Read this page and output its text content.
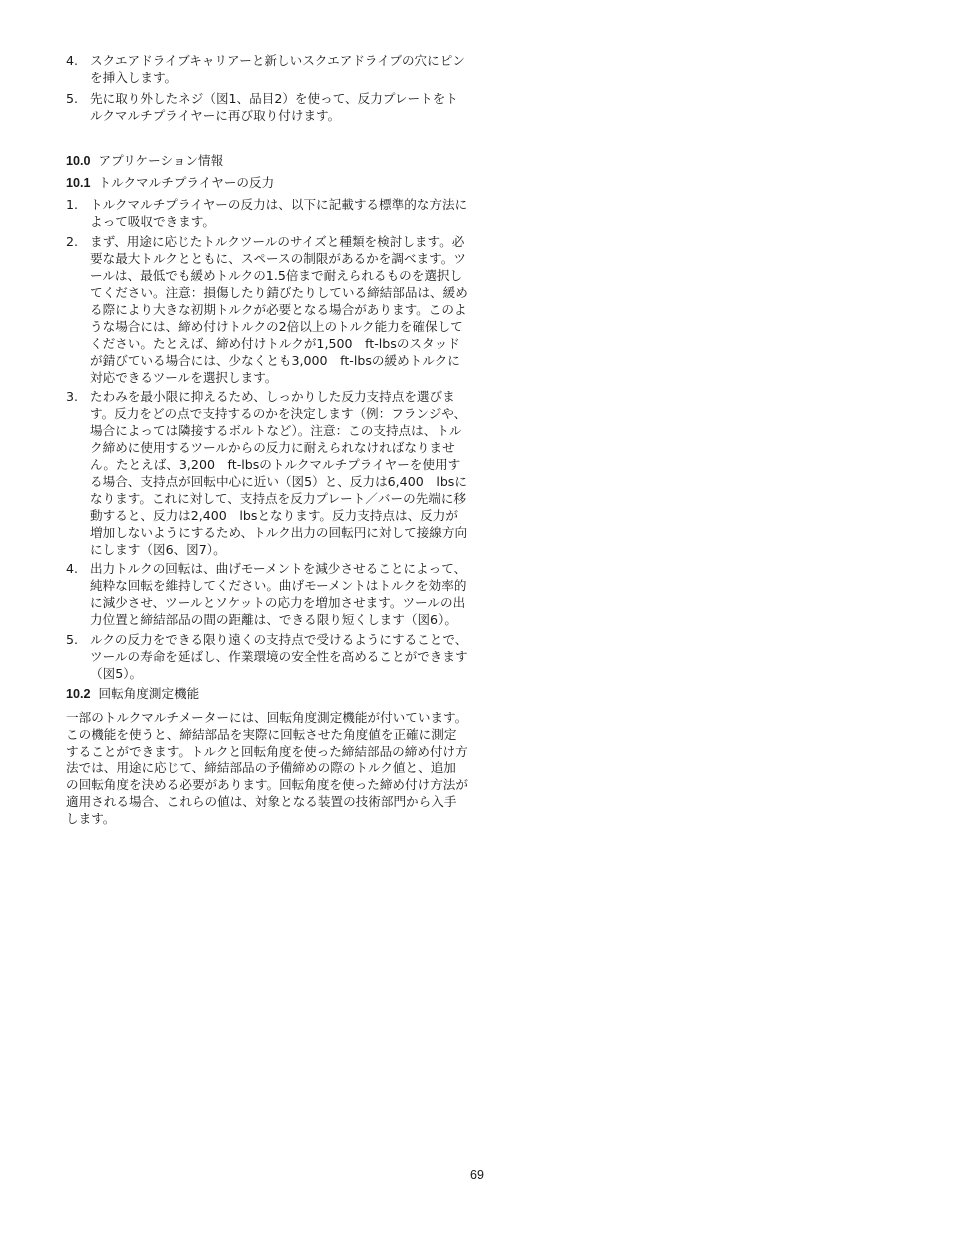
4. スクエアドライブキャリアーと新しいスクエアドライブの穴にピンを挿入します。
5. 先に取り外したネジ（図1、品目2）を使って、反力プレートをトルクマルチプライヤーに再び取り付けます。
10.0 アプリケーション情報
10.1 トルクマルチプライヤーの反力
1. トルクマルチプライヤーの反力は、以下に記載する標準的な方法によって吸収できます。
2. まず、用途に応じたトルクツールのサイズと種類を検討します。必要な最大トルクとともに、スペースの制限があるかを調べます。ツールは、最低でも緩めトルクの1.5倍まで耐えられるものを選択してください。注意：損傷したり錆びたりしている締結部品は、緩める際により大きな初期トルクが必要となる場合があります。このような場合には、締め付けトルクの2倍以上のトルク能力を確保してください。たとえば、締め付けトルクが1,500　ft-lbsのスタッドが錆びている場合には、少なくとも3,000　ft-lbsの緩めトルクに対応できるツールを選択します。
3. たわみを最小限に抑えるため、しっかりした反力支持点を選びます。反力をどの点で支持するのかを決定します（例：フランジや、場合によっては隣接するボルトなど）。注意：この支持点は、トルク締めに使用するツールからの反力に耐えられなければなりません。たとえば、3,200　ft-lbsのトルクマルチプライヤーを使用する場合、支持点が回転中心に近い（図5）と、反力は6,400　lbsになります。これに対して、支持点を反力プレート／バーの先端に移動すると、反力は2,400　lbsとなります。反力支持点は、反力が増加しないようにするため、トルク出力の回転円に対して接線方向にします（図6、図7）。
4. 出力トルクの回転は、曲げモーメントを減少させることによって、純粋な回転を維持してください。曲げモーメントはトルクを効率的に減少させ、ツールとソケットの応力を増加させます。ツールの出力位置と締結部品の間の距離は、できる限り短くします（図6）。
5. ルクの反力をできる限り遠くの支持点で受けるようにすることで、ツールの寿命を延ばし、作業環境の安全性を高めることができます（図5）。
10.2 回転角度測定機能

一部のトルクマルチメーターには、回転角度測定機能が付いています。この機能を使うと、締結部品を実際に回転させた角度値を正確に測定することができます。トルクと回転角度を使った締結部品の締め付け方法では、用途に応じて、締結部品の予備締めの際のトルク値と、追加の回転角度を決める必要があります。回転角度を使った締め付け方法が適用される場合、これらの値は、対象となる装置の技術部門から入手します。

69
